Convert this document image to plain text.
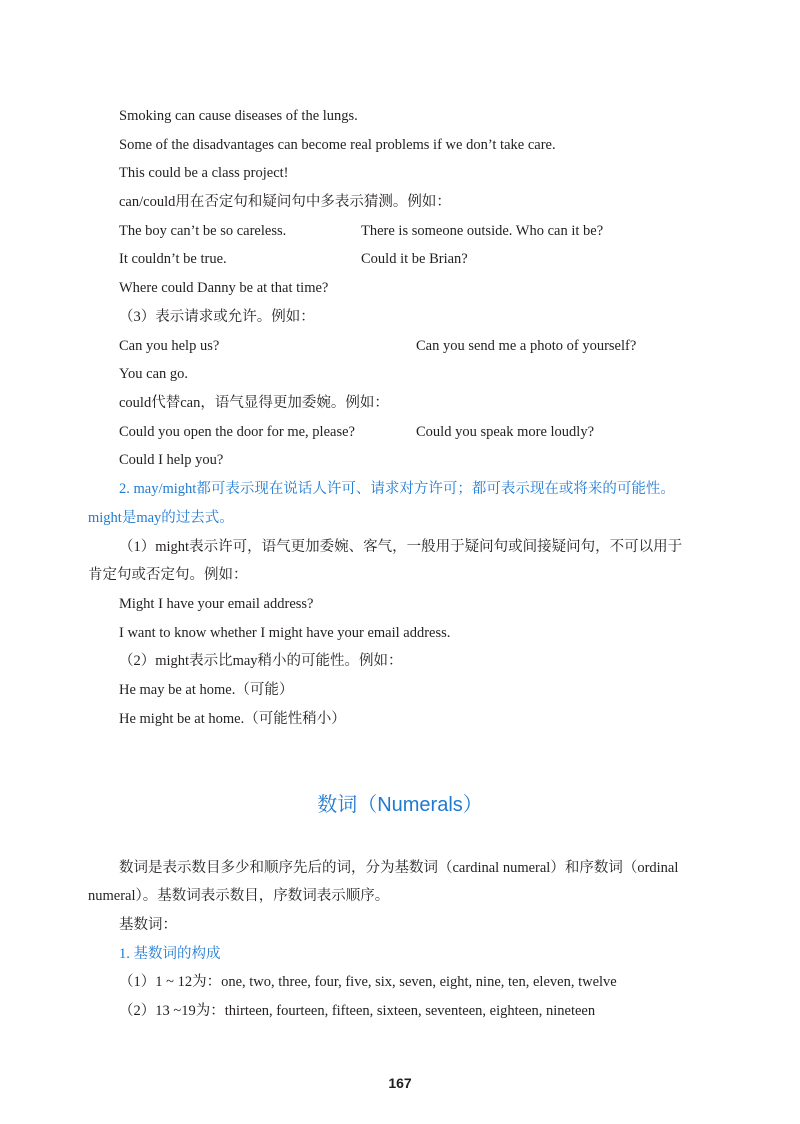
Smoking can cause diseases of the lungs.
Some of the disadvantages can become real problems if we don’t take care.
This could be a class project!
can/could用在否定句和疑问句中多表示猜测。例如：
The boy can’t be so careless.	There is someone outside. Who can it be?
It couldn’t be true.	Could it be Brian?
Where could Danny be at that time?
（3）表示请求或允许。例如：
Can you help us?	Can you send me a photo of yourself?
You can go.
could代替can，语气显得更加委婉。例如：
Could you open the door for me, please?	Could you speak more loudly?
Could I help you?
2. may/might都可表示现在说话人许可、请求对方许可；都可表示现在或将来的可能性。
might是may的过去式。
（1）might表示许可，语气更加委婉、客气，一般用于疑问句或间接疑问句，不可以用于
肯定句或否定句。例如：
Might I have your email address?
I want to know whether I might have your email address.
（2）might表示比may稍小的可能性。例如：
He may be at home.（可能）
He might be at home.（可能性稍小）
数词（Numerals）
数词是表示数目多少和顺序先后的词，分为基数词（cardinal numeral）和序数词（ordinal
numeral）。基数词表示数目，序数词表示顺序。
基数词：
1. 基数词的构成
（1）1 ~ 12为：one, two, three, four, five, six, seven, eight, nine, ten, eleven, twelve
（2）13 ~19为：thirteen, fourteen, fifteen, sixteen, seventeen, eighteen, nineteen
167
